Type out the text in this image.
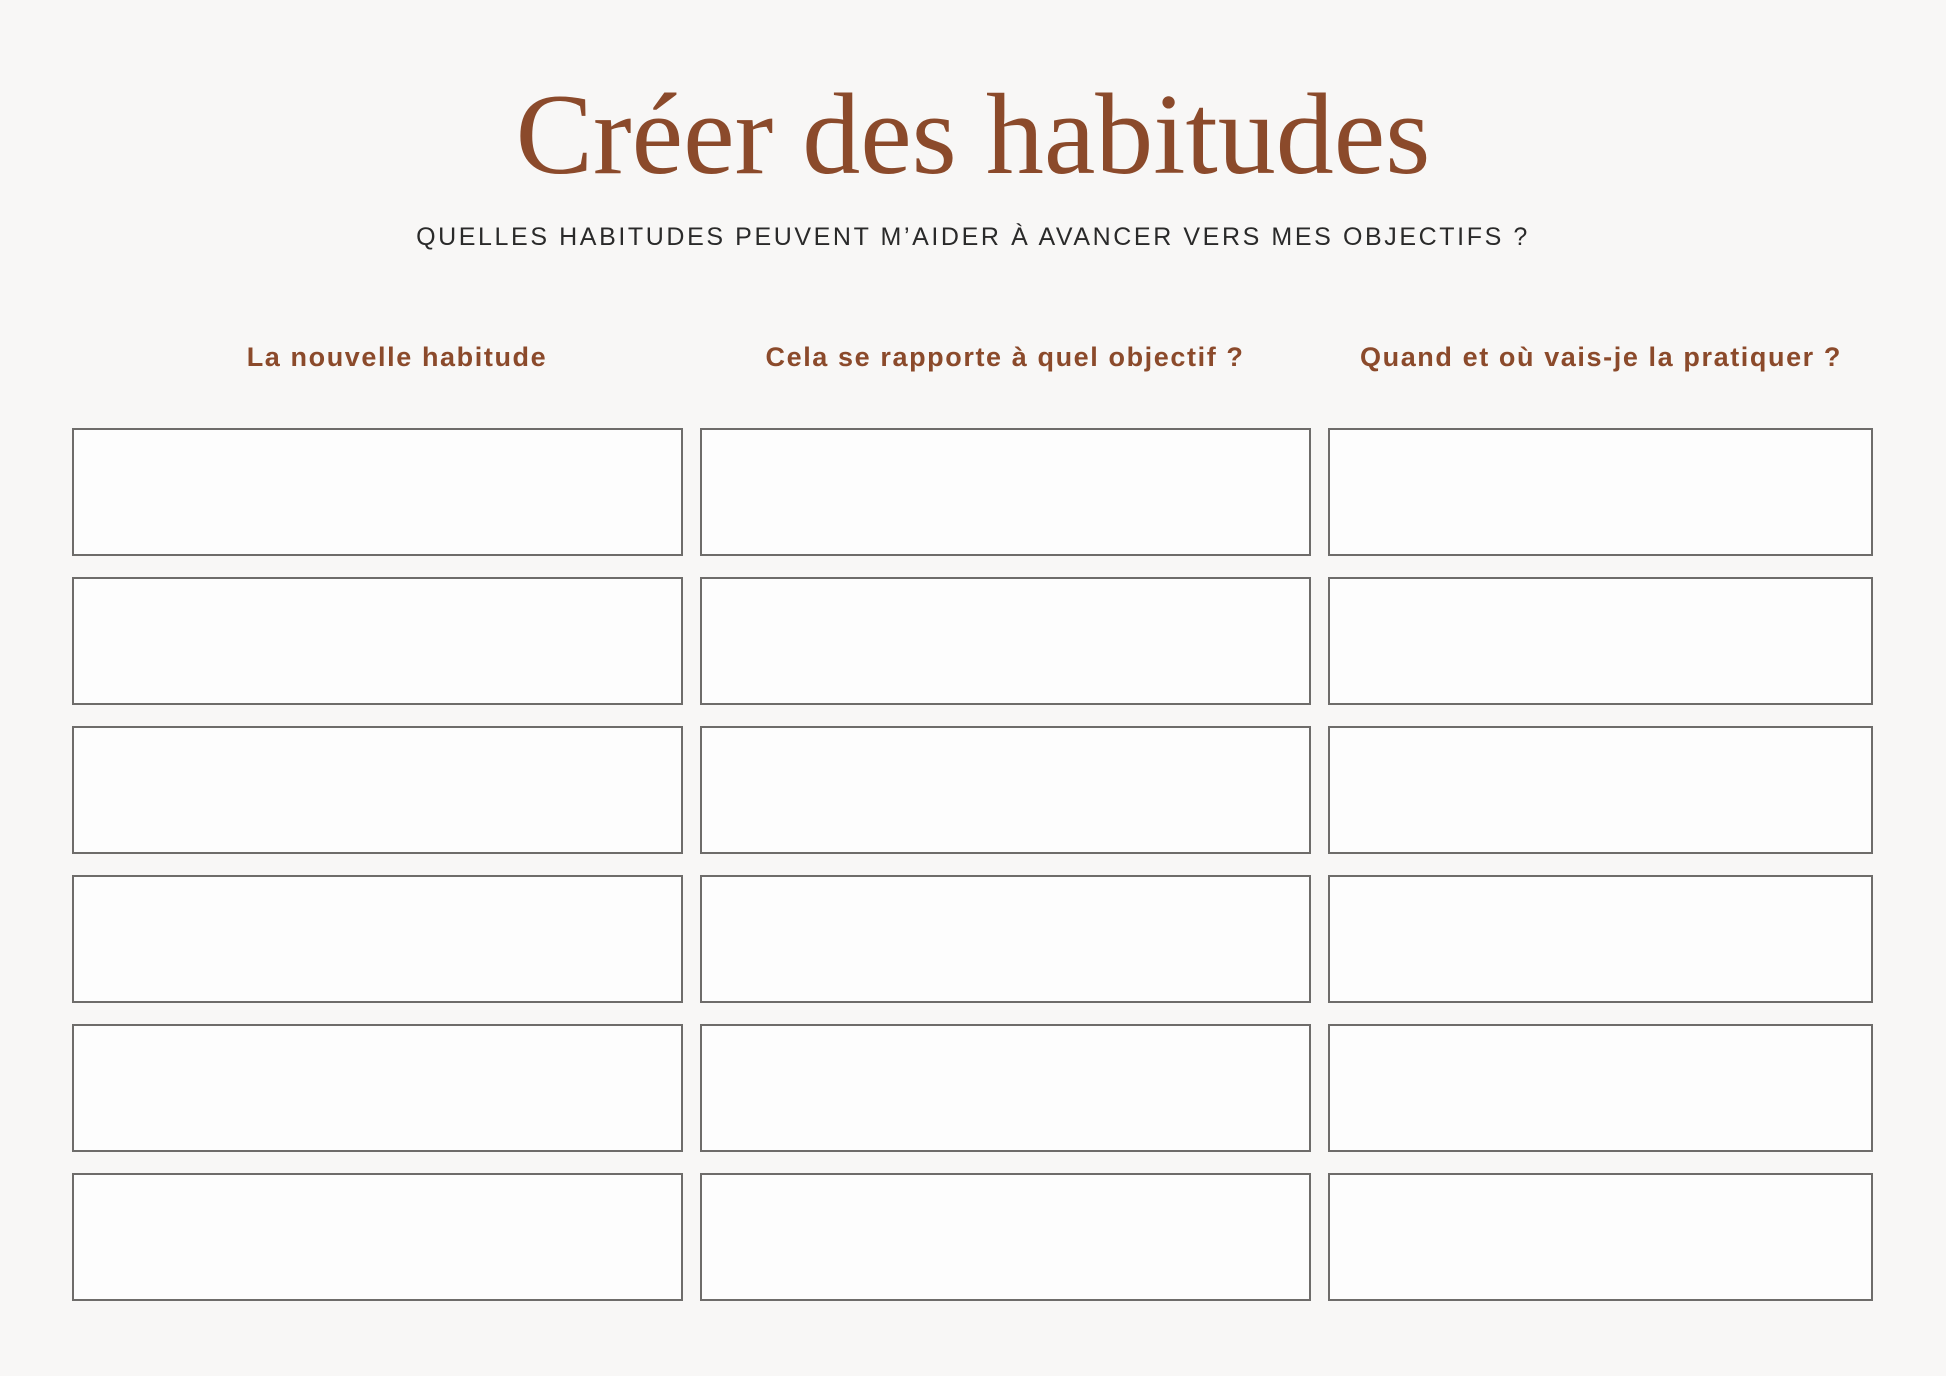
Créer des habitudes
QUELLES HABITUDES PEUVENT M’AIDER À AVANCER VERS MES OBJECTIFS ?
La nouvelle habitude	Cela se rapporte à quel objectif ?	Quand et où vais-je la pratiquer ?
